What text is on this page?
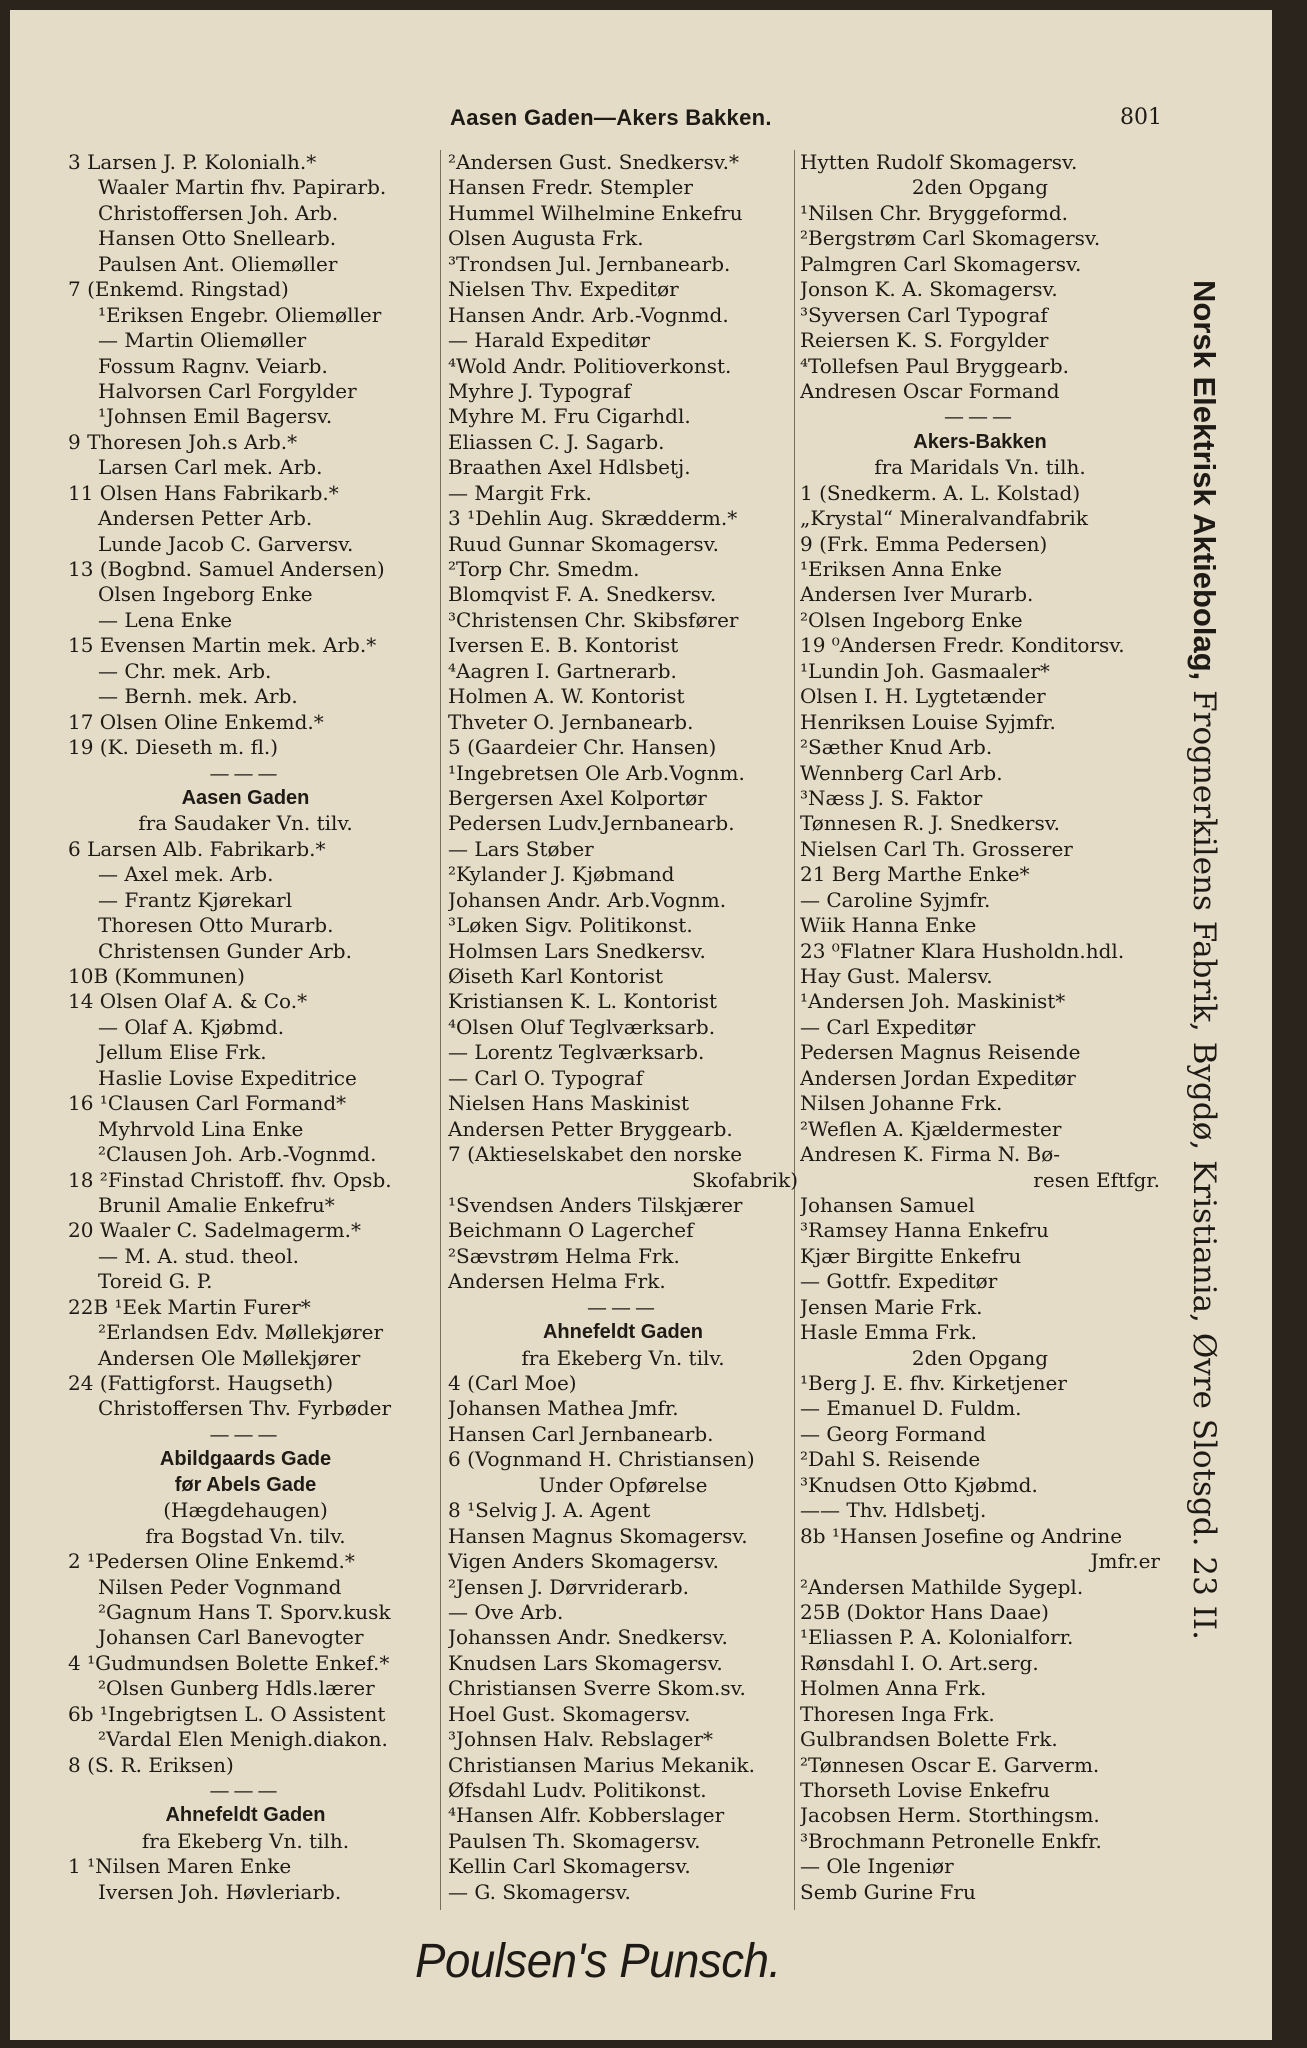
Aasen Gaden—Akers Bakken.	801
3 Larsen J. P. Kolonialh.*
Waaler Martin fhv. Papirarb.
Christoffersen Joh. Arb.
Hansen Otto Snellearb.
Paulsen Ant. Oliemøller
7 (Enkemd. Ringstad)
¹Eriksen Engebr. Oliemøller
— Martin Oliemøller
Fossum Ragnv. Veiarb.
Halvorsen Carl Forgylder
¹Johnsen Emil Bagersv.
9 Thoresen Joh.s Arb.*
Larsen Carl mek. Arb.
11 Olsen Hans Fabrikarb.*
Andersen Petter Arb.
Lunde Jacob C. Garversv.
13 (Bogbnd. Samuel Andersen)
Olsen Ingeborg Enke
— Lena Enke
15 Evensen Martin mek. Arb.*
— Chr. mek. Arb.
— Bernh. mek. Arb.
17 Olsen Oline Enkemd.*
19 (K. Dieseth m. fl.)
———
Aasen Gaden
fra Saudaker Vn. tilv.
6 Larsen Alb. Fabrikarb.*
— Axel mek. Arb.
— Frantz Kjørekarl
Thoresen Otto Murarb.
Christensen Gunder Arb.
10B (Kommunen)
14 Olsen Olaf A. & Co.*
— Olaf A. Kjøbmd.
Jellum Elise Frk.
Haslie Lovise Expeditrice
16 ¹Clausen Carl Formand*
Myhrvold Lina Enke
²Clausen Joh. Arb.-Vognmd.
18 ²Finstad Christoff. fhv. Opsb.
Brunil Amalie Enkefru*
20 Waaler C. Sadelmagerm.*
— M. A. stud. theol.
Toreid G. P.
22B ¹Eek Martin Furer*
²Erlandsen Edv. Møllekjører
Andersen Ole Møllekjører
24 (Fattigforst. Haugseth)
Christoffersen Thv. Fyrbøder
———
Abildgaards Gade
før Abels Gade
(Hægdehaugen)
fra Bogstad Vn. tilv.
2 ¹Pedersen Oline Enkemd.*
Nilsen Peder Vognmand
²Gagnum Hans T. Sporv.kusk
Johansen Carl Banevogter
4 ¹Gudmundsen Bolette Enkef.*
²Olsen Gunberg Hdls.lærer
6b ¹Ingebrigtsen L. O Assistent
²Vardal Elen Menigh.diakon.
8 (S. R. Eriksen)
———
Ahnefeldt Gaden
fra Ekeberg Vn. tilh.
1 ¹Nilsen Maren Enke
Iversen Joh. Høvleriarb.
²Andersen Gust. Snedkersv.*
Hansen Fredr. Stempler
Hummel Wilhelmine Enkefru
Olsen Augusta Frk.
³Trondsen Jul. Jernbanearb.
Nielsen Thv. Expeditør
Hansen Andr. Arb.-Vognmd.
— Harald Expeditør
⁴Wold Andr. Politioverkonst.
Myhre J. Typograf
Myhre M. Fru Cigarhdl.
Eliassen C. J. Sagarb.
Braathen Axel Hdlsbetj.
— Margit Frk.
3 ¹Dehlin Aug. Skrædderm.*
Ruud Gunnar Skomagersv.
²Torp Chr. Smedm.
Blomqvist F. A. Snedkersv.
³Christensen Chr. Skibsfører
Iversen E. B. Kontorist
⁴Aagren I. Gartnerarb.
Holmen A. W. Kontorist
Thveter O. Jernbanearb.
5 (Gaardeier Chr. Hansen)
¹Ingebretsen Ole Arb.Vognm.
Bergersen Axel Kolportør
Pedersen Ludv.Jernbanearb.
— Lars Støber
²Kylander J. Kjøbmand
Johansen Andr. Arb.Vognm.
³Løken Sigv. Politikonst.
Holmsen Lars Snedkersv.
Øiseth Karl Kontorist
Kristiansen K. L. Kontorist
⁴Olsen Oluf Teglværksarb.
— Lorentz Teglværksarb.
— Carl O. Typograf
Nielsen Hans Maskinist
Andersen Petter Bryggearb.
7 (Aktieselskabet den norske
Skofabrik)
¹Svendsen Anders Tilskjærer
Beichmann O Lagerchef
²Sævstrøm Helma Frk.
Andersen Helma Frk.
———
Ahnefeldt Gaden
fra Ekeberg Vn. tilv.
4 (Carl Moe)
Johansen Mathea Jmfr.
Hansen Carl Jernbanearb.
6 (Vognmand H. Christiansen)
Under Opførelse
8 ¹Selvig J. A. Agent
Hansen Magnus Skomagersv.
Vigen Anders Skomagersv.
²Jensen J. Dørvriderarb.
— Ove Arb.
Johanssen Andr. Snedkersv.
Knudsen Lars Skomagersv.
Christiansen Sverre Skom.sv.
Hoel Gust. Skomagersv.
³Johnsen Halv. Rebslager*
Christiansen Marius Mekanik.
Øfsdahl Ludv. Politikonst.
⁴Hansen Alfr. Kobberslager
Paulsen Th. Skomagersv.
Kellin Carl Skomagersv.
— G. Skomagersv.
Hytten Rudolf Skomagersv.
2den Opgang
¹Nilsen Chr. Bryggeformd.
²Bergstrøm Carl Skomagersv.
Palmgren Carl Skomagersv.
Jonson K. A. Skomagersv.
³Syversen Carl Typograf
Reiersen K. S. Forgylder
⁴Tollefsen Paul Bryggearb.
Andresen Oscar Formand
———
Akers-Bakken
fra Maridals Vn. tilh.
1 (Snedkerm. A. L. Kolstad)
„Krystal“ Mineralvandfabrik
9 (Frk. Emma Pedersen)
¹Eriksen Anna Enke
Andersen Iver Murarb.
²Olsen Ingeborg Enke
19 ⁰Andersen Fredr. Konditorsv.
¹Lundin Joh. Gasmaaler*
Olsen I. H. Lygtetænder
Henriksen Louise Syjmfr.
²Sæther Knud Arb.
Wennberg Carl Arb.
³Næss J. S. Faktor
Tønnesen R. J. Snedkersv.
Nielsen Carl Th. Grosserer
21 Berg Marthe Enke*
— Caroline Syjmfr.
Wiik Hanna Enke
23 ⁰Flatner Klara Husholdn.hdl.
Hay Gust. Malersv.
¹Andersen Joh. Maskinist*
— Carl Expeditør
Pedersen Magnus Reisende
Andersen Jordan Expeditør
Nilsen Johanne Frk.
²Weflen A. Kjældermester
Andresen K. Firma N. Bø-
resen Eftfgr.
Johansen Samuel
³Ramsey Hanna Enkefru
Kjær Birgitte Enkefru
— Gottfr. Expeditør
Jensen Marie Frk.
Hasle Emma Frk.
2den Opgang
¹Berg J. E. fhv. Kirketjener
— Emanuel D. Fuldm.
— Georg Formand
²Dahl S. Reisende
³Knudsen Otto Kjøbmd.
—— Thv. Hdlsbetj.
8b ¹Hansen Josefine og Andrine
Jmfr.er
²Andersen Mathilde Sygepl.
25B (Doktor Hans Daae)
¹Eliassen P. A. Kolonialforr.
Rønsdahl I. O. Art.serg.
Holmen Anna Frk.
Thoresen Inga Frk.
Gulbrandsen Bolette Frk.
²Tønnesen Oscar E. Garverm.
Thorseth Lovise Enkefru
Jacobsen Herm. Storthingsm.
³Brochmann Petronelle Enkfr.
— Ole Ingeniør
Semb Gurine Fru
Norsk Elektrisk Aktiebolag, Frognerkilens Fabrik, Bygdø, Kristiania, Øvre Slotsgd. 23 II.
Poulsen's Punsch.
